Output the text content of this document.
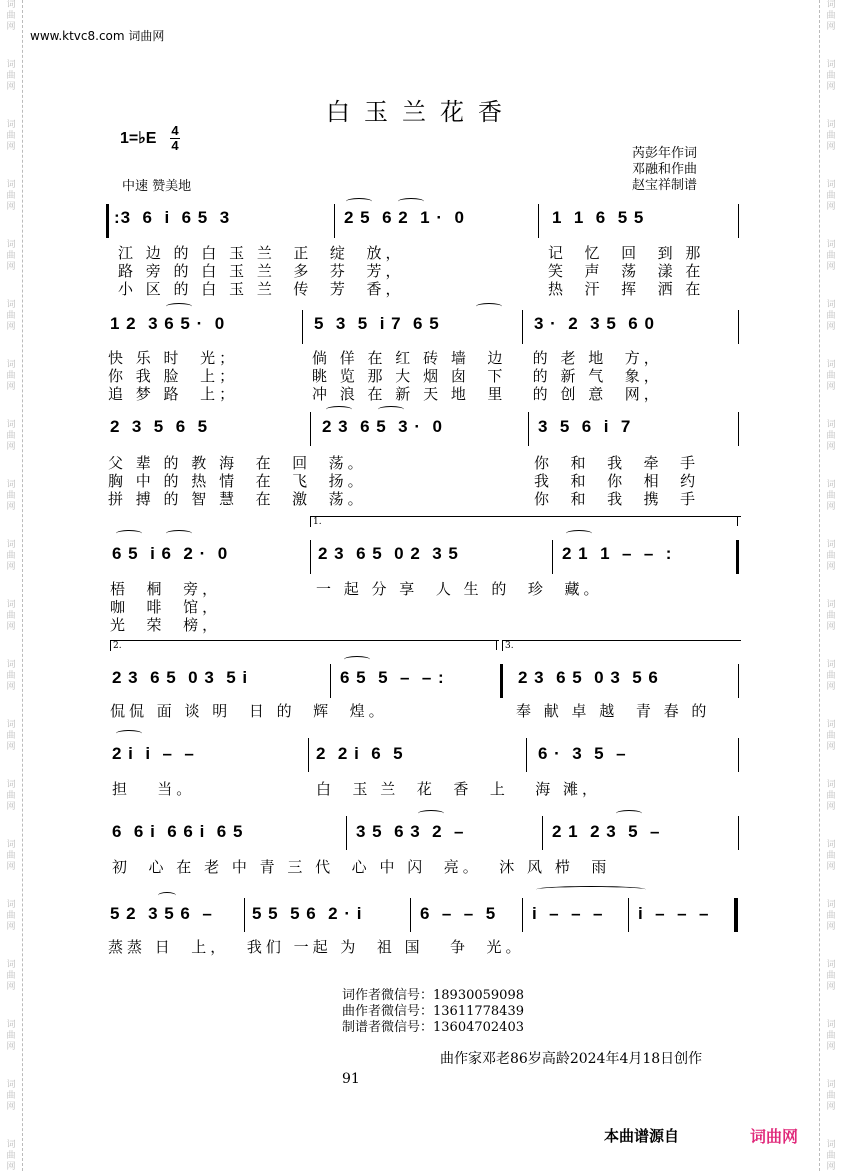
词
曲
网
词
曲
网
词
曲
网
词
曲
网
词
曲
网
词
曲
网
词
曲
网
词
曲
网
词
曲
网
词
曲
网
词
曲
网
词
曲
网
词
曲
网
词
曲
网
词
曲
网
词
曲
网
词
曲
网
词
曲
网
词
曲
网
词
曲
网
词
曲
网
词
曲
网
词
曲
网
词
曲
网
词
曲
网
词
曲
网
词
曲
网
词
曲
网
词
曲
网
词
曲
网
词
曲
网
词
曲
网
词
曲
网
词
曲
网
词
曲
网
词
曲
网
词
曲
网
词
曲
网
词
曲
网
词
曲
网
www.ktvc8.com 词曲网
白玉兰花香
1=♭E 4
4
中速 赞美地
芮彭年作词
邓融和作曲
赵宝祥制谱
:3  6  i  6 5  3	2 5  6 2  1 ·  0	1  1  6  5 5
江 边 的 白 玉 兰  正  绽  放，
路 旁 的 白 玉 兰  多  芬  芳，
小 区 的 白 玉 兰  传  芳  香，
记  忆  回  到 那
笑  声  荡  漾 在
热  汗  挥  洒 在
1 2  3 6 5 ·  0	5  3  5  i 7  6 5	3 ·  2  3 5  6 0
快 乐 时  光；
你 我 脸  上；
追 梦 路  上；
倘 佯 在 红 砖 墙  边   的 老 地  方，
眺 览 那 大 烟 囱  下   的 新 气  象，
冲 浪 在 新 天 地  里   的 创 意  网，
2  3  5  6  5	2 3  6 5  3 ·  0	3  5  6  i  7
父 辈 的 教 海  在  回  荡。
胸 中 的 热 情  在  飞  扬。
拼 搏 的 智 慧  在  激  荡。
你  和  我  牵  手
我  和  你  相  约
你  和  我  携  手
1.
6 5  i 6  2 ·  0	2 3  6 5  0 2  3 5	2 1  1  –  –  :
梧  桐  旁，
咖  啡  馆，
光  荣  榜，
一 起 分 享  人 生 的  珍  藏。
2.	3.
2 3  6 5  0 3  5 i	6 5  5  –  – :	2 3  6 5  0 3  5 6
侃侃 面 谈 明  日 的  辉  煌。	奉 献 卓 越  青 春 的
2 i  i  –  –	2  2 i  6  5	6 ·  3  5  –
担   当。	白  玉 兰  花  香  上   海 滩，
6  6 i  6 6 i  6 5	3 5  6 3  2  –	2 1  2 3  5  –
初  心 在 老 中 青 三 代  心 中 闪  亮。  沐 风 栉  雨
5 2  3 5 6  – 5 5  5 6  2 · i	6  –  –  5 i  –  –  – i  –  –  –
蒸蒸 日  上，  我们 一起 为  祖 国   争  光。
词作者微信号：18930059098
曲作者微信号：13611778439
制谱者微信号：13604702403
曲作家邓老86岁高龄2024年4月18日创作
91
本曲谱源自	词曲网
